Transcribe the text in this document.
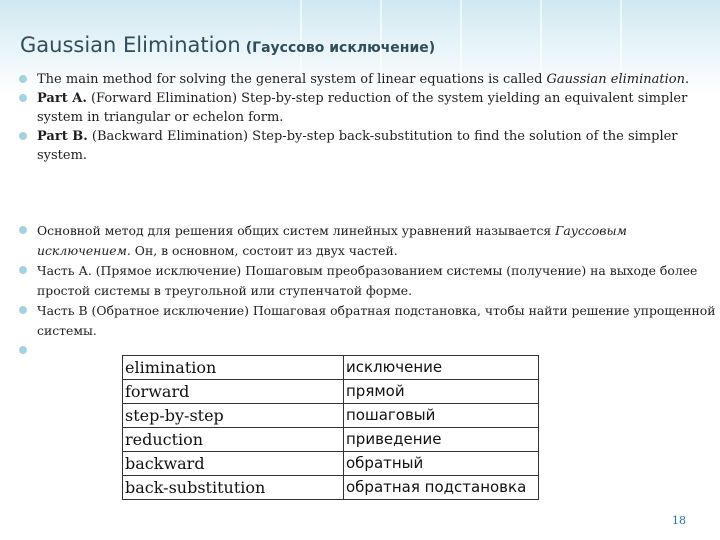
Gaussian Elimination (Гауссово исключение)
The main method for solving the general system of linear equations is called Gaussian elimination.
Part A. (Forward Elimination) Step-by-step reduction of the system yielding an equivalent simpler system in triangular or echelon form.
Part B. (Backward Elimination) Step-by-step back-substitution to find the solution of the simpler system.
Основной метод для решения общих систем линейных уравнений называется Гауссовым исключением. Он, в основном, состоит из двух частей.
Часть А. (Прямое исключение) Пошаговым преобразованием системы (получение) на выходе более простой системы в треугольной или ступенчатой форме.
Часть В (Обратное исключение) Пошаговая обратная подстановка, чтобы найти решение упрощенной системы.

elimination	исключение
forward	прямой
step-by-step	пошаговый
reduction	приведение
backward	обратный
back-substitution	обратная подстановка
18
